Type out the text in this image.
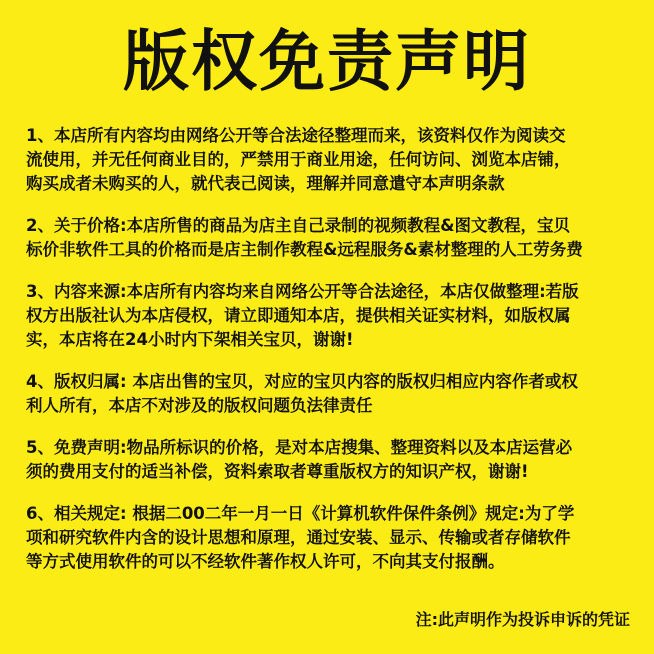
版权免责声明
1、本店所有内容均由网络公开等合法途径整理而来，该资料仅作为阅读交
流使用，并无任何商业目的，严禁用于商业用途，任何访问、浏览本店铺，
购买成者未购买的人，就代表己阅读，理解并同意遣守本声明条款
2、关于价格:本店所售的商品为店主自己录制的视频教程&图文教程，宝贝
标价非软件工具的价格而是店主制作教程&远程服务&素材整理的人工劳务费
3、内容来源:本店所有内容均来自网络公开等合法途径，本店仅做整理:若版
权方出版社认为本店侵权，请立即通知本店，提供相关证实材料，如版权属
实，本店将在24小时内下架相关宝贝，谢谢!
4、版权归属: 本店出售的宝贝，对应的宝贝内容的版权归相应内容作者或权
利人所有，本店不对涉及的版权问题负法律责任
5、免费声明:物品所标识的价格，是对本店搜集、整理资料以及本店运营必
须的费用支付的适当补偿，资料索取者尊重版权方的知识产权，谢谢!
6、相关规定: 根据二00二年一月一日《计算机软件保件条例》规定:为了学
项和研究软件内含的设计思想和原理，通过安装、显示、传输或者存储软件
等方式使用软件的可以不经软件著作权人许可，不向其支付报酬。
注:此声明作为投诉申诉的凭证
